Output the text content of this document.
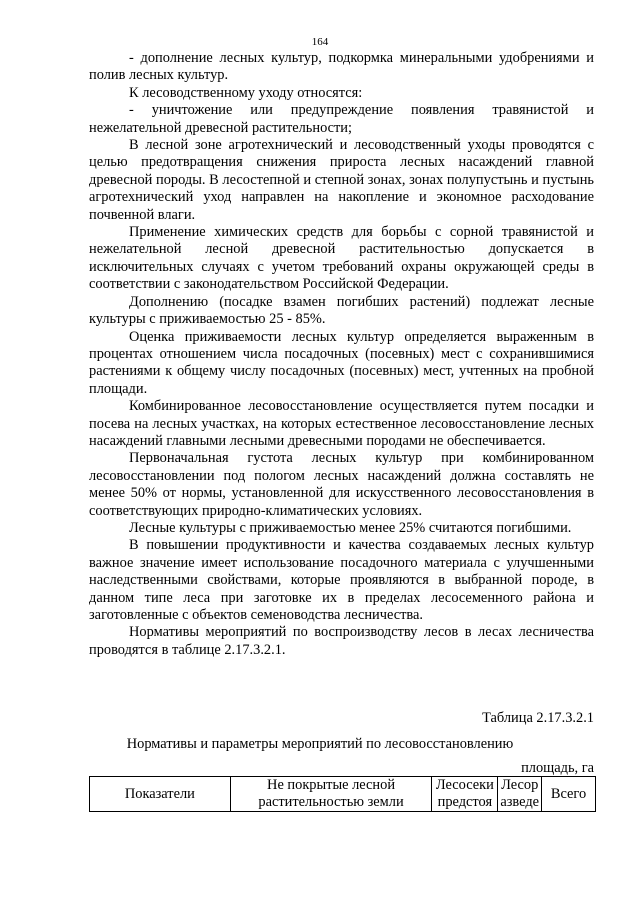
164

- дополнение лесных культур, подкормка минеральными удобрениями и полив лесных культур.

К лесоводственному уходу относятся:

- уничтожение или предупреждение появления травянистой и нежелательной древесной растительности;

В лесной зоне агротехнический и лесоводственный уходы проводятся с целью предотвращения снижения прироста лесных насаждений главной древесной породы. В лесостепной и степной зонах, зонах полупустынь и пустынь агротехнический уход направлен на накопление и экономное расходование почвенной влаги.

Применение химических средств для борьбы с сорной травянистой и нежелательной лесной древесной растительностью допускается в исключительных случаях с учетом требований охраны окружающей среды в соответствии с законодательством Российской Федерации.

Дополнению (посадке взамен погибших растений) подлежат лесные культуры с приживаемостью 25 - 85%.

Оценка приживаемости лесных культур определяется выраженным в процентах отношением числа посадочных (посевных) мест с сохранившимися растениями к общему числу посадочных (посевных) мест, учтенных на пробной площади.

Комбинированное лесовосстановление осуществляется путем посадки и посева на лесных участках, на которых естественное лесовосстановление лесных насаждений главными лесными древесными породами не обеспечивается.

Первоначальная густота лесных культур при комбинированном лесовосстановлении под пологом лесных насаждений должна составлять не менее 50% от нормы, установленной для искусственного лесовосстановления в соответствующих природно-климатических условиях.

Лесные культуры с приживаемостью менее 25% считаются погибшими.

В повышении продуктивности и качества создаваемых лесных культур важное значение имеет использование посадочного материала с улучшенными наследственными свойствами, которые проявляются в выбранной породе, в данном типе леса при заготовке их в пределах лесосеменного района и заготовленные с объектов семеноводства лесничества.

Нормативы мероприятий по воспроизводству лесов в лесах лесничества проводятся в таблице 2.17.3.2.1.

Таблица 2.17.3.2.1
Нормативы и параметры мероприятий по лесовосстановлению
площадь, га
Показатели	Не покрытые лесной растительностью земли	Лесосеки предстоя	Лесор азведе	Всего
